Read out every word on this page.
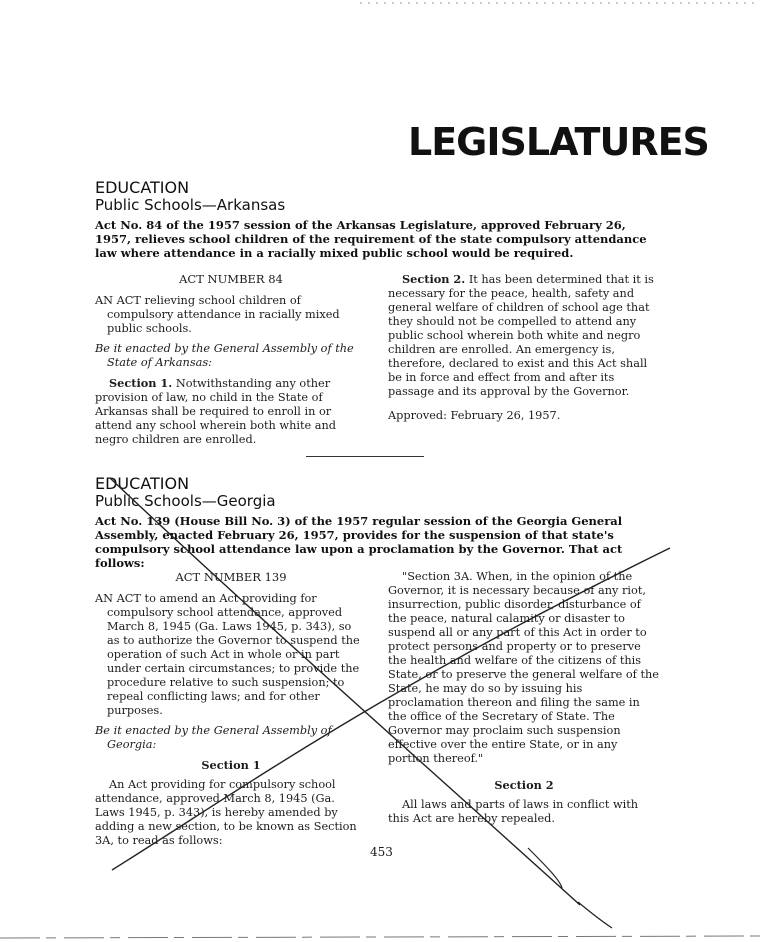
LEGISLATURES
EDUCATION
Public Schools—Arkansas
Act No. 84 of the 1957 session of the Arkansas Legislature, approved February 26, 1957, relieves school children of the requirement of the state compulsory attendance law where attendance in a racially mixed public school would be required.
ACT NUMBER 84

AN ACT relieving school children of compulsory attendance in racially mixed public schools.

Be it enacted by the General Assembly of the State of Arkansas:

Section 1. Notwithstanding any other provision of law, no child in the State of Arkansas shall be required to enroll in or attend any school wherein both white and negro children are enrolled.

Section 2. It has been determined that it is necessary for the peace, health, safety and general welfare of children of school age that they should not be compelled to attend any public school wherein both white and negro children are enrolled. An emergency is, therefore, declared to exist and this Act shall be in force and effect from and after its passage and its approval by the Governor.

Approved: February 26, 1957.

EDUCATION
Public Schools—Georgia
Act No. 139 (House Bill No. 3) of the 1957 regular session of the Georgia General Assembly, enacted February 26, 1957, provides for the suspension of that state's compulsory school attendance law upon a proclamation by the Governor. That act follows:
ACT NUMBER 139

AN ACT to amend an Act providing for compulsory school attendance, approved March 8, 1945 (Ga. Laws 1945, p. 343), so as to authorize the Governor to suspend the operation of such Act in whole or in part under certain circumstances; to provide the procedure relative to such suspension; to repeal conflicting laws; and for other purposes.

Be it enacted by the General Assembly of Georgia:

Section 1

An Act providing for compulsory school attendance, approved March 8, 1945 (Ga. Laws 1945, p. 343), is hereby amended by adding a new section, to be known as Section 3A, to read as follows:

"Section 3A. When, in the opinion of the Governor, it is necessary because of any riot, insurrection, public disorder, disturbance of the peace, natural calamity or disaster to suspend all or any part of this Act in order to protect persons and property or to preserve the health and welfare of the citizens of this State, or to preserve the general welfare of the State, he may do so by issuing his proclamation thereon and filing the same in the office of the Secretary of State. The Governor may proclaim such suspension effective over the entire State, or in any portion thereof."

Section 2

All laws and parts of laws in conflict with this Act are hereby repealed.

453
